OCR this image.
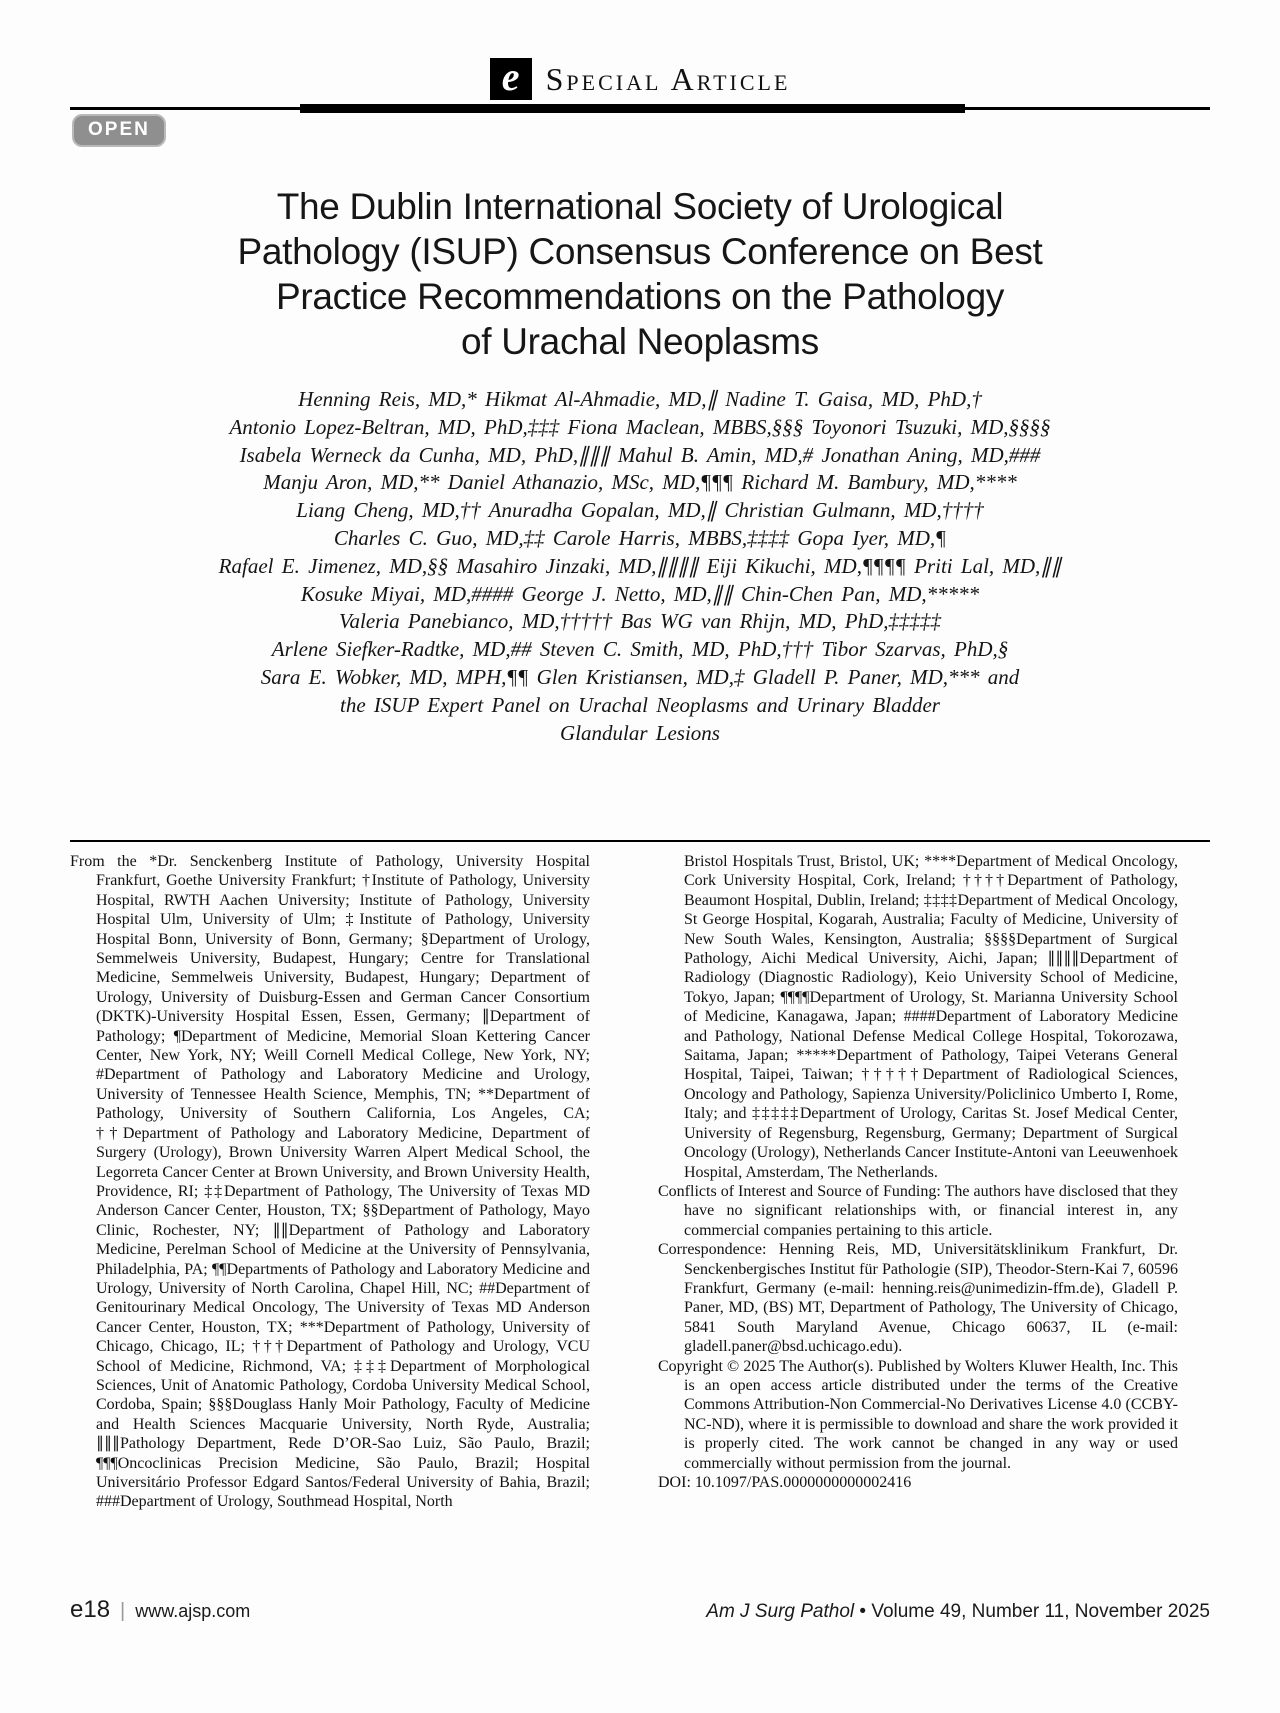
e Special Article
OPEN
The Dublin International Society of Urological
Pathology (ISUP) Consensus Conference on Best
Practice Recommendations on the Pathology
of Urachal Neoplasms
Henning Reis, MD,* Hikmat Al-Ahmadie, MD,∥ Nadine T. Gaisa, MD, PhD,†
Antonio Lopez-Beltran, MD, PhD,‡‡‡ Fiona Maclean, MBBS,§§§ Toyonori Tsuzuki, MD,§§§§
Isabela Werneck da Cunha, MD, PhD,∥∥∥ Mahul B. Amin, MD,# Jonathan Aning, MD,###
Manju Aron, MD,** Daniel Athanazio, MSc, MD,¶¶¶ Richard M. Bambury, MD,****
Liang Cheng, MD,†† Anuradha Gopalan, MD,∥ Christian Gulmann, MD,††††
Charles C. Guo, MD,‡‡ Carole Harris, MBBS,‡‡‡‡ Gopa Iyer, MD,¶
Rafael E. Jimenez, MD,§§ Masahiro Jinzaki, MD,∥∥∥∥ Eiji Kikuchi, MD,¶¶¶¶ Priti Lal, MD,∥∥
Kosuke Miyai, MD,#### George J. Netto, MD,∥∥ Chin-Chen Pan, MD,*****
Valeria Panebianco, MD,††††† Bas WG van Rhijn, MD, PhD,‡‡‡‡‡
Arlene Siefker-Radtke, MD,## Steven C. Smith, MD, PhD,††† Tibor Szarvas, PhD,§
Sara E. Wobker, MD, MPH,¶¶ Glen Kristiansen, MD,‡ Gladell P. Paner, MD,*** and
the ISUP Expert Panel on Urachal Neoplasms and Urinary Bladder
Glandular Lesions

From the *Dr. Senckenberg Institute of Pathology, University Hospital Frankfurt, Goethe University Frankfurt; †Institute of Pathology, University Hospital, RWTH Aachen University; Institute of Pathology, University Hospital Ulm, University of Ulm; ‡Institute of Pathology, University Hospital Bonn, University of Bonn, Germany; §Department of Urology, Semmelweis University, Budapest, Hungary; Centre for Translational Medicine, Semmelweis University, Budapest, Hungary; Department of Urology, University of Duisburg-Essen and German Cancer Consortium (DKTK)-University Hospital Essen, Essen, Germany; ∥Department of Pathology; ¶Department of Medicine, Memorial Sloan Kettering Cancer Center, New York, NY; Weill Cornell Medical College, New York, NY; #Department of Pathology and Laboratory Medicine and Urology, University of Tennessee Health Science, Memphis, TN; **Department of Pathology, University of Southern California, Los Angeles, CA; ††Department of Pathology and Laboratory Medicine, Department of Surgery (Urology), Brown University Warren Alpert Medical School, the Legorreta Cancer Center at Brown University, and Brown University Health, Providence, RI; ‡‡Department of Pathology, The University of Texas MD Anderson Cancer Center, Houston, TX; §§Department of Pathology, Mayo Clinic, Rochester, NY; ∥∥Department of Pathology and Laboratory Medicine, Perelman School of Medicine at the University of Pennsylvania, Philadelphia, PA; ¶¶Departments of Pathology and Laboratory Medicine and Urology, University of North Carolina, Chapel Hill, NC; ##Department of Genitourinary Medical Oncology, The University of Texas MD Anderson Cancer Center, Houston, TX; ***Department of Pathology, University of Chicago, Chicago, IL; †††Department of Pathology and Urology, VCU School of Medicine, Richmond, VA; ‡‡‡Department of Morphological Sciences, Unit of Anatomic Pathology, Cordoba University Medical School, Cordoba, Spain; §§§Douglass Hanly Moir Pathology, Faculty of Medicine and Health Sciences Macquarie University, North Ryde, Australia; ∥∥∥Pathology Department, Rede D’OR-Sao Luiz, São Paulo, Brazil; ¶¶¶Oncoclinicas Precision Medicine, São Paulo, Brazil; Hospital Universitário Professor Edgard Santos/Federal University of Bahia, Brazil; ###Department of Urology, Southmead Hospital, North

Bristol Hospitals Trust, Bristol, UK; ****Department of Medical Oncology, Cork University Hospital, Cork, Ireland; ††††Department of Pathology, Beaumont Hospital, Dublin, Ireland; ‡‡‡‡Department of Medical Oncology, St George Hospital, Kogarah, Australia; Faculty of Medicine, University of New South Wales, Kensington, Australia; §§§§Department of Surgical Pathology, Aichi Medical University, Aichi, Japan; ∥∥∥∥Department of Radiology (Diagnostic Radiology), Keio University School of Medicine, Tokyo, Japan; ¶¶¶¶Department of Urology, St. Marianna University School of Medicine, Kanagawa, Japan; ####Department of Laboratory Medicine and Pathology, National Defense Medical College Hospital, Tokorozawa, Saitama, Japan; *****Department of Pathology, Taipei Veterans General Hospital, Taipei, Taiwan; †††††Department of Radiological Sciences, Oncology and Pathology, Sapienza University/Policlinico Umberto I, Rome, Italy; and ‡‡‡‡‡Department of Urology, Caritas St. Josef Medical Center, University of Regensburg, Regensburg, Germany; Department of Surgical Oncology (Urology), Netherlands Cancer Institute-Antoni van Leeuwenhoek Hospital, Amsterdam, The Netherlands.

Conflicts of Interest and Source of Funding: The authors have disclosed that they have no significant relationships with, or financial interest in, any commercial companies pertaining to this article.

Correspondence: Henning Reis, MD, Universitätsklinikum Frankfurt, Dr. Senckenbergisches Institut für Pathologie (SIP), Theodor-Stern-Kai 7, 60596 Frankfurt, Germany (e-mail: henning.reis@unimedizin-ffm.de), Gladell P. Paner, MD, (BS) MT, Department of Pathology, The University of Chicago, 5841 South Maryland Avenue, Chicago 60637, IL (e-mail: gladell.paner@bsd.uchicago.edu).

Copyright © 2025 The Author(s). Published by Wolters Kluwer Health, Inc. This is an open access article distributed under the terms of the Creative Commons Attribution-Non Commercial-No Derivatives License 4.0 (CCBY-NC-ND), where it is permissible to download and share the work provided it is properly cited. The work cannot be changed in any way or used commercially without permission from the journal.

DOI: 10.1097/PAS.0000000000002416

e18 | www.ajsp.com	Am J Surg Pathol • Volume 49, Number 11, November 2025
